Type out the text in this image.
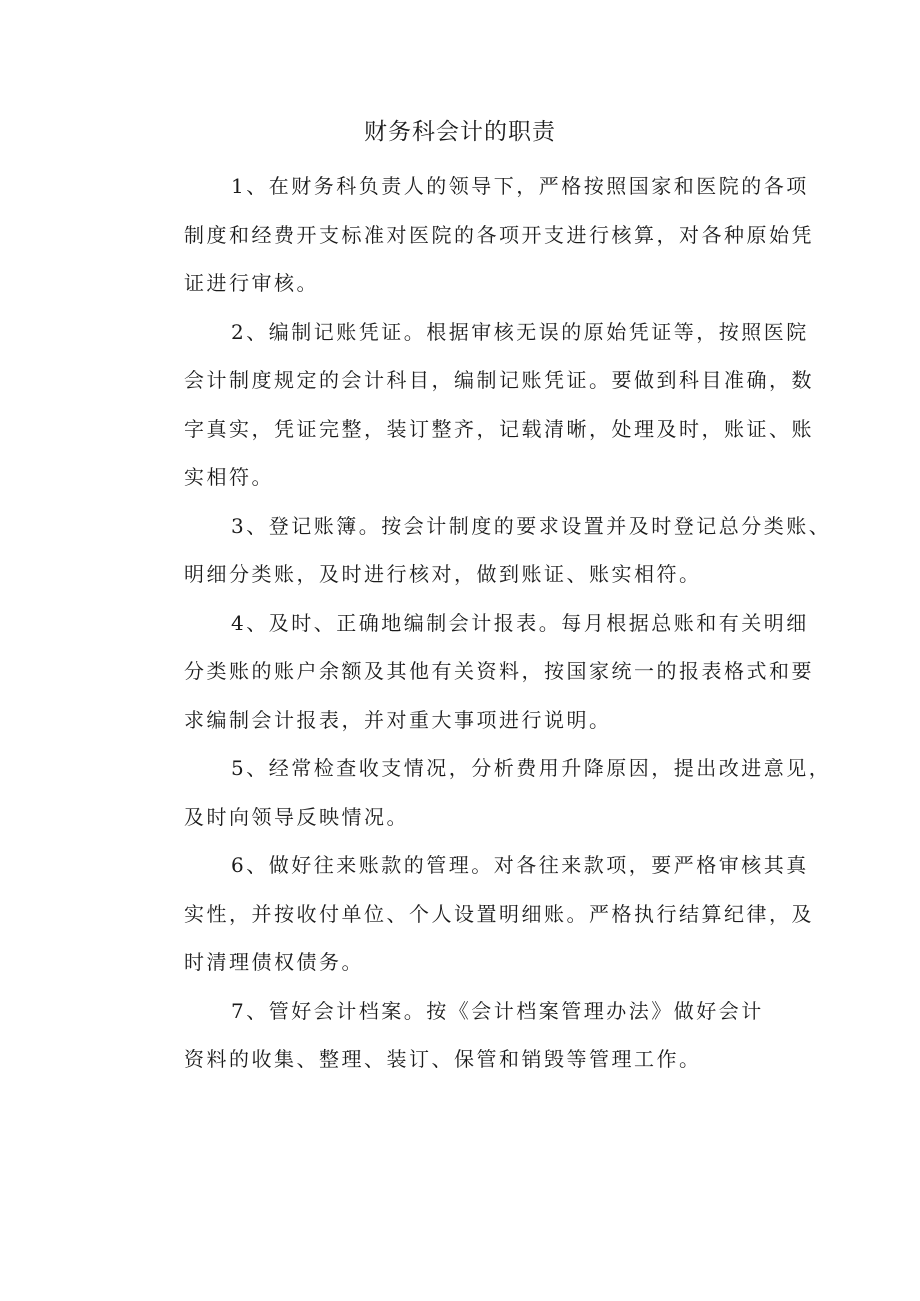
财务科会计的职责
1、在财务科负责人的领导下，严格按照国家和医院的各项
制度和经费开支标准对医院的各项开支进行核算，对各种原始凭
证进行审核。
2、编制记账凭证。根据审核无误的原始凭证等，按照医院
会计制度规定的会计科目，编制记账凭证。要做到科目准确，数
字真实，凭证完整，装订整齐，记载清晰，处理及时，账证、账
实相符。
3、登记账簿。按会计制度的要求设置并及时登记总分类账、
明细分类账，及时进行核对，做到账证、账实相符。
4、及时、正确地编制会计报表。每月根据总账和有关明细
分类账的账户余额及其他有关资料，按国家统一的报表格式和要
求编制会计报表，并对重大事项进行说明。
5、经常检查收支情况，分析费用升降原因，提出改进意见，
及时向领导反映情况。
6、做好往来账款的管理。对各往来款项，要严格审核其真
实性，并按收付单位、个人设置明细账。严格执行结算纪律，及
时清理债权债务。
7、管好会计档案。按《会计档案管理办法》做好会计
资料的收集、整理、装订、保管和销毁等管理工作。
